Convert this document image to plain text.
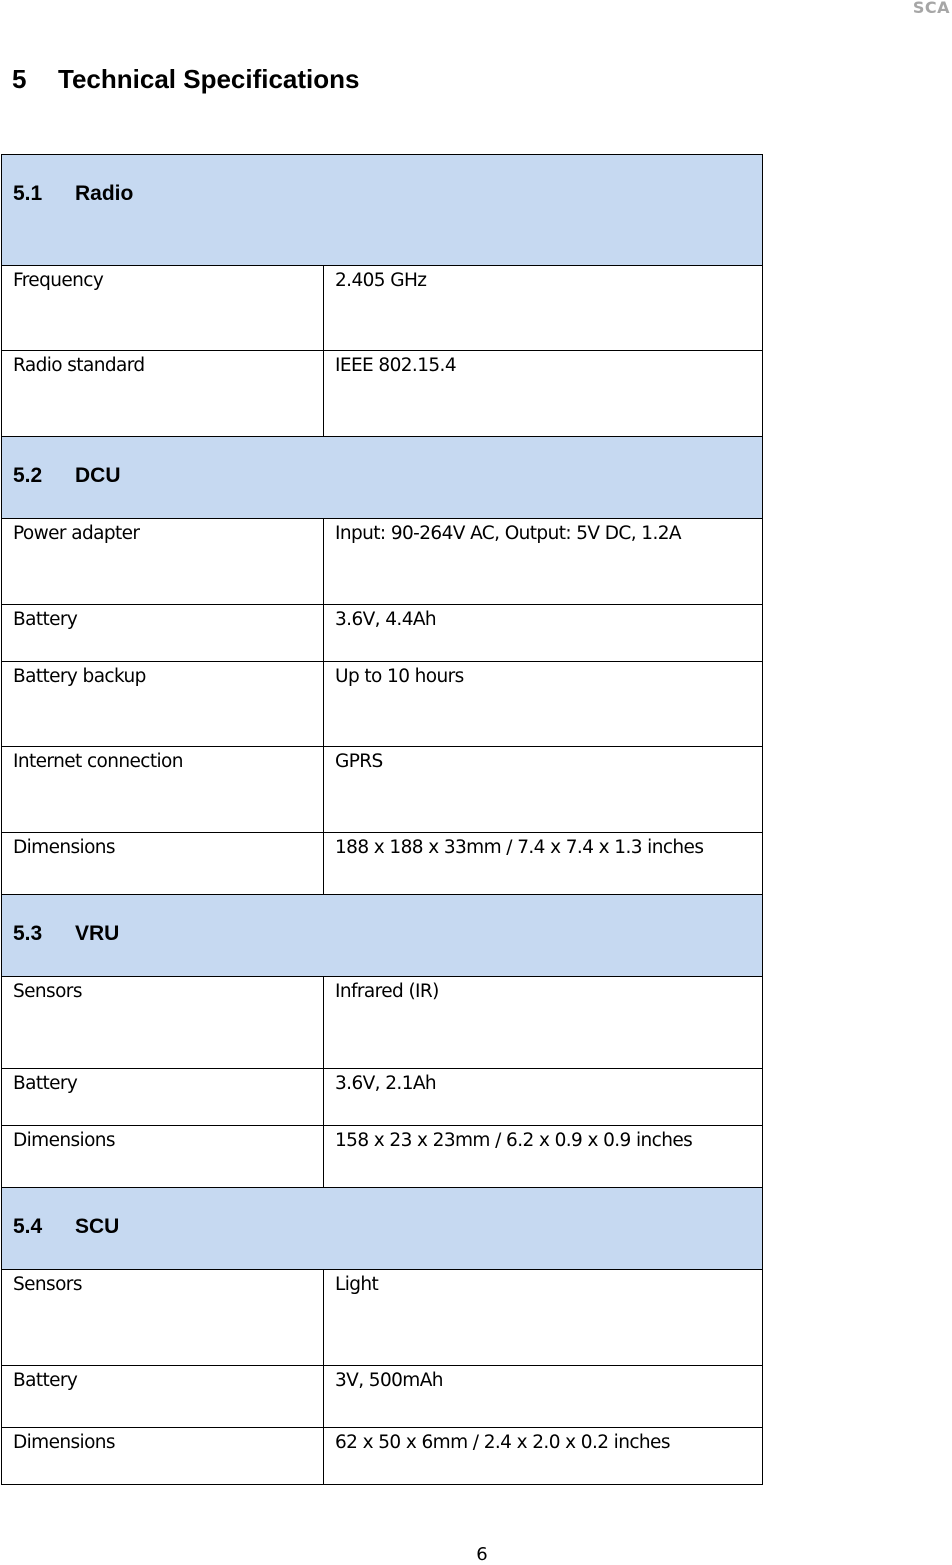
SCA
5 Technical Specifications
5.1 Radio	
Frequency	2.405 GHz
Radio standard	IEEE 802.15.4
5.2 DCU	
Power adapter	Input: 90-264V AC, Output: 5V DC, 1.2A
Battery	3.6V, 4.4Ah
Battery backup	Up to 10 hours
Internet connection	GPRS
Dimensions	188 x 188 x 33mm / 7.4 x 7.4 x 1.3 inches
5.3 VRU	
Sensors	Infrared (IR)
Battery	3.6V, 2.1Ah
Dimensions	158 x 23 x 23mm / 6.2 x 0.9 x 0.9 inches
5.4 SCU	
Sensors	Light
Battery	3V, 500mAh
Dimensions	62 x 50 x 6mm / 2.4 x 2.0 x 0.2 inches
6
